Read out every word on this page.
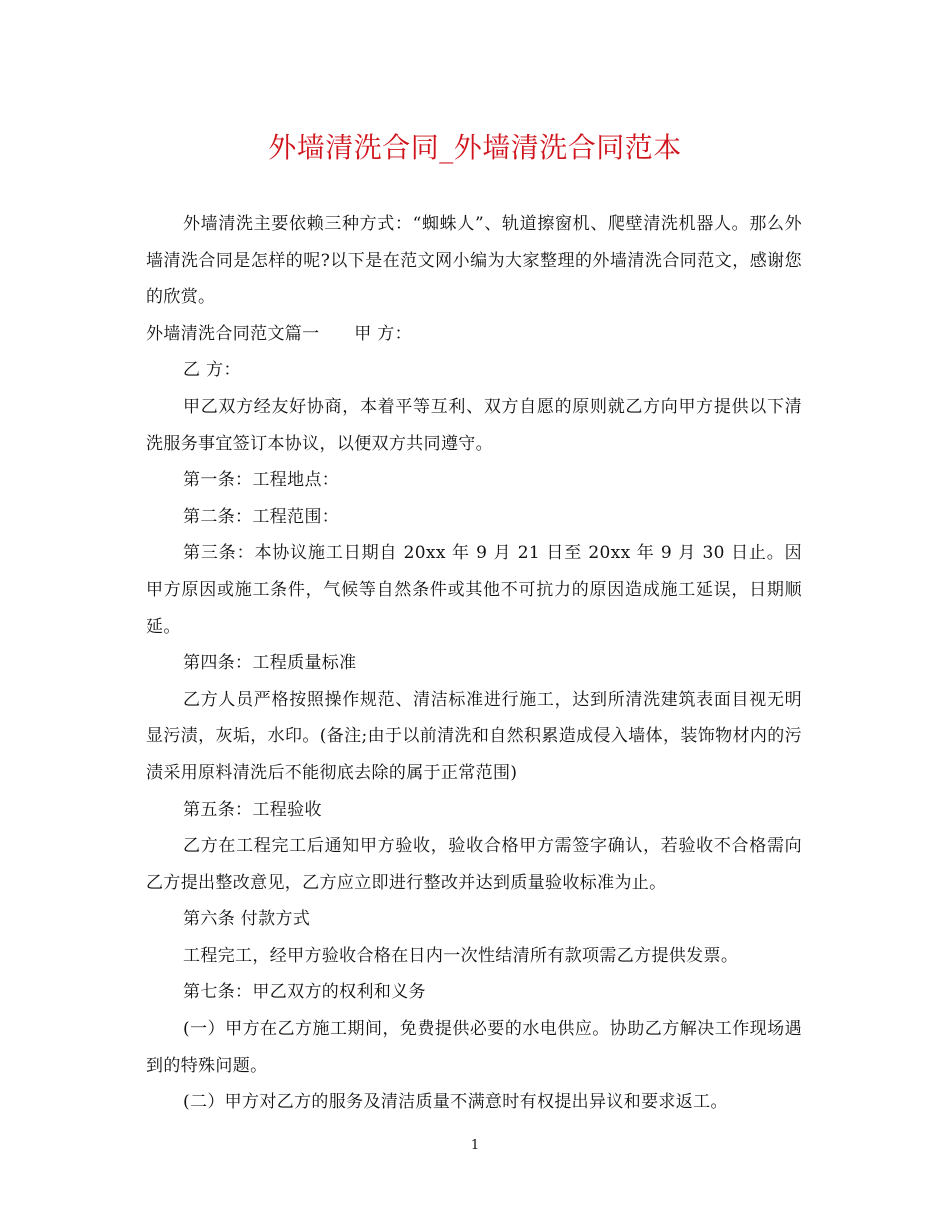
外墙清洗合同_外墙清洗合同范本

外墙清洗主要依赖三种方式：“蜘蛛人”、轨道擦窗机、爬壁清洗机器人。那么外墙清洗合同是怎样的呢?以下是在范文网小编为大家整理的外墙清洗合同范文，感谢您的欣赏。

外墙清洗合同范文篇一　　甲 方：

乙 方：

甲乙双方经友好协商，本着平等互利、双方自愿的原则就乙方向甲方提供以下清洗服务事宜签订本协议，以便双方共同遵守。

第一条：工程地点：

第二条：工程范围：

第三条：本协议施工日期自 20xx 年 9 月 21 日至 20xx 年 9 月 30 日止。因甲方原因或施工条件，气候等自然条件或其他不可抗力的原因造成施工延误，日期顺延。

第四条：工程质量标准

乙方人员严格按照操作规范、清洁标准进行施工，达到所清洗建筑表面目视无明显污渍，灰垢，水印。(备注;由于以前清洗和自然积累造成侵入墙体，装饰物材内的污渍采用原料清洗后不能彻底去除的属于正常范围)

第五条：工程验收

乙方在工程完工后通知甲方验收，验收合格甲方需签字确认，若验收不合格需向乙方提出整改意见，乙方应立即进行整改并达到质量验收标准为止。

第六条 付款方式

工程完工，经甲方验收合格在日内一次性结清所有款项需乙方提供发票。

第七条：甲乙双方的权利和义务

(一）甲方在乙方施工期间，免费提供必要的水电供应。协助乙方解决工作现场遇到的特殊问题。

(二）甲方对乙方的服务及清洁质量不满意时有权提出异议和要求返工。

1
